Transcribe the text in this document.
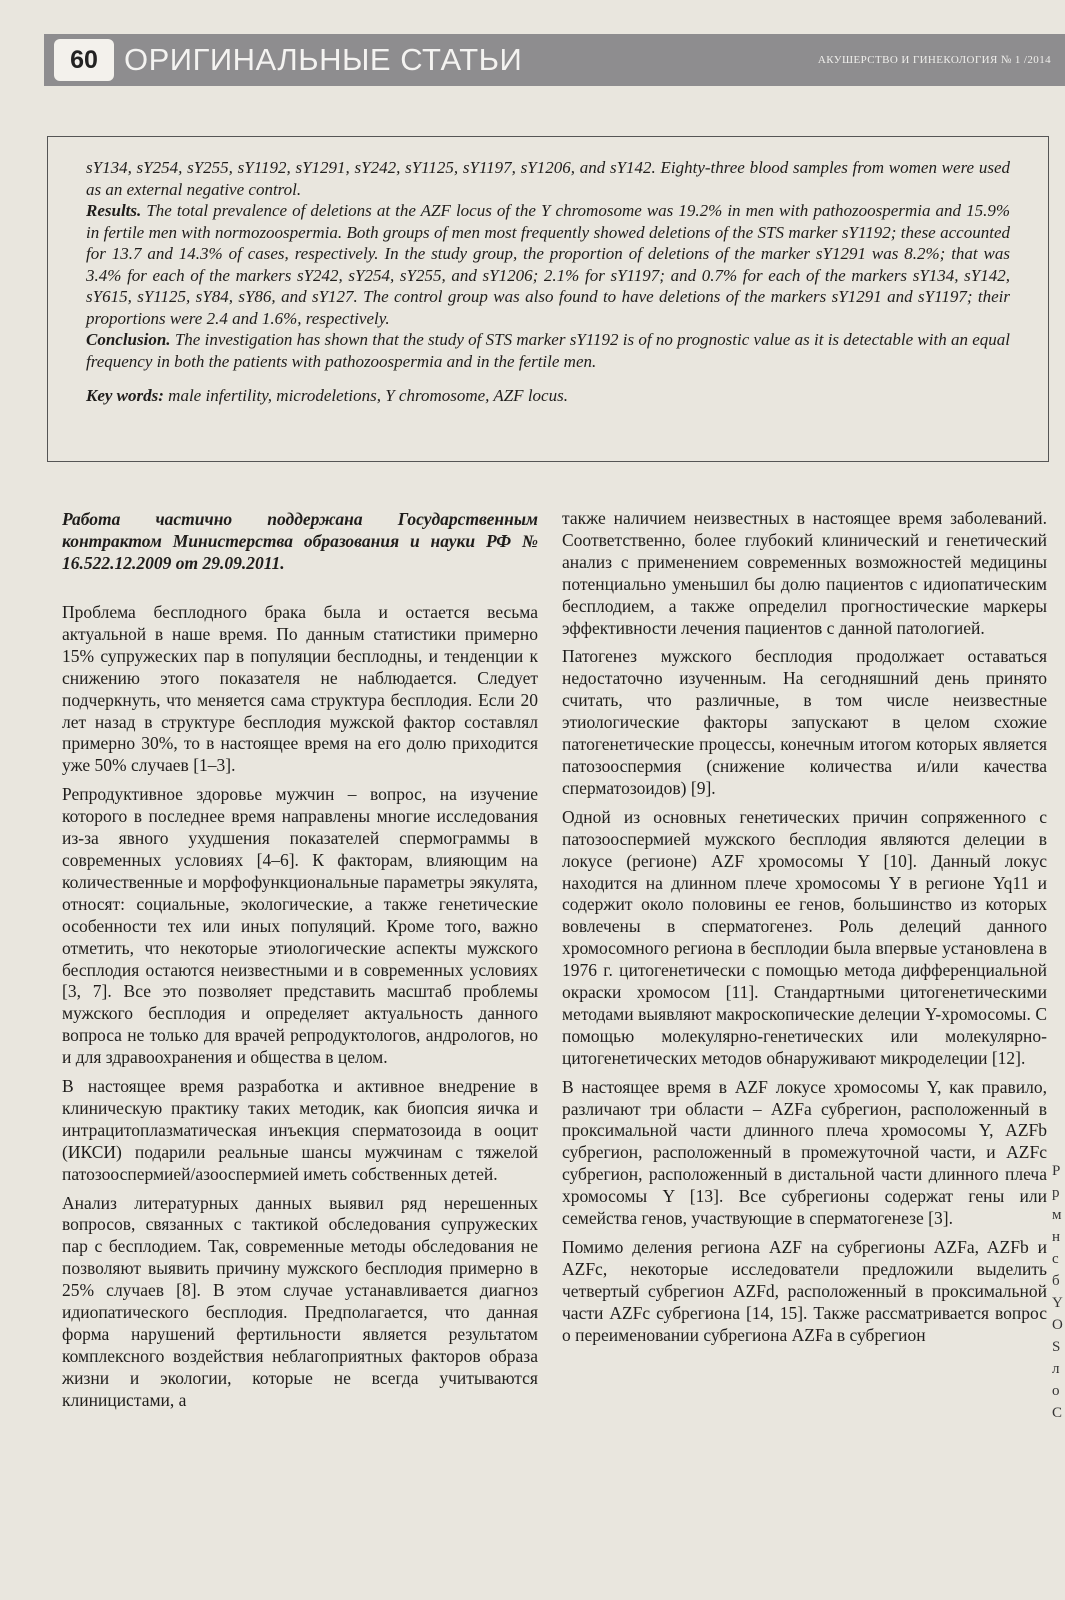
60 ОРИГИНАЛЬНЫЕ СТАТЬИ	АКУШЕРСТВО И ГИНЕКОЛОГИЯ № 1 /2014

sY134, sY254, sY255, sY1192, sY1291, sY242, sY1125, sY1197, sY1206, and sY142. Eighty-three blood samples from women were used as an external negative control.

Results. The total prevalence of deletions at the AZF locus of the Y chromosome was 19.2% in men with pathozoospermia and 15.9% in fertile men with normozoospermia. Both groups of men most frequently showed deletions of the STS marker sY1192; these accounted for 13.7 and 14.3% of cases, respectively. In the study group, the proportion of deletions of the marker sY1291 was 8.2%; that was 3.4% for each of the markers sY242, sY254, sY255, and sY1206; 2.1% for sY1197; and 0.7% for each of the markers sY134, sY142, sY615, sY1125, sY84, sY86, and sY127. The control group was also found to have deletions of the markers sY1291 and sY1197; their proportions were 2.4 and 1.6%, respectively.

Conclusion. The investigation has shown that the study of STS marker sY1192 is of no prognostic value as it is detectable with an equal frequency in both the patients with pathozoospermia and in the fertile men.

Key words: male infertility, microdeletions, Y chromosome, AZF locus.

Работа частично поддержана Государственным контрактом Министерства образования и науки РФ № 16.522.12.2009 от 29.09.2011.

Проблема бесплодного брака была и остается весьма актуальной в наше время. По данным статистики примерно 15% супружеских пар в популяции бесплодны, и тенденции к снижению этого показателя не наблюдается. Следует подчеркнуть, что меняется сама структура бесплодия. Если 20 лет назад в структуре бесплодия мужской фактор составлял примерно 30%, то в настоящее время на его долю приходится уже 50% случаев [1–3].

Репродуктивное здоровье мужчин – вопрос, на изучение которого в последнее время направлены многие исследования из-за явного ухудшения показателей спермограммы в современных условиях [4–6]. К факторам, влияющим на количественные и морфофункциональные параметры эякулята, относят: социальные, экологические, а также генетические особенности тех или иных популяций. Кроме того, важно отметить, что некоторые этиологические аспекты мужского бесплодия остаются неизвестными и в современных условиях [3, 7]. Все это позволяет представить масштаб проблемы мужского бесплодия и определяет актуальность данного вопроса не только для врачей репродуктологов, андрологов, но и для здравоохранения и общества в целом.

В настоящее время разработка и активное внедрение в клиническую практику таких методик, как биопсия яичка и интрацитоплазматическая инъекция сперматозоида в ооцит (ИКСИ) подарили реальные шансы мужчинам с тяжелой патозооспермией/азооспермией иметь собственных детей.

Анализ литературных данных выявил ряд нерешенных вопросов, связанных с тактикой обследования супружеских пар с бесплодием. Так, современные методы обследования не позволяют выявить причину мужского бесплодия примерно в 25% случаев [8]. В этом случае устанавливается диагноз идиопатического бесплодия. Предполагается, что данная форма нарушений фертильности является результатом комплексного воздействия неблагоприятных факторов образа жизни и экологии, которые не всегда учитываются клиницистами, а

также наличием неизвестных в настоящее время заболеваний. Соответственно, более глубокий клинический и генетический анализ с применением современных возможностей медицины потенциально уменьшил бы долю пациентов с идиопатическим бесплодием, а также определил прогностические маркеры эффективности лечения пациентов с данной патологией.

Патогенез мужского бесплодия продолжает оставаться недостаточно изученным. На сегодняшний день принято считать, что различные, в том числе неизвестные этиологические факторы запускают в целом схожие патогенетические процессы, конечным итогом которых является патозооспермия (снижение количества и/или качества сперматозоидов) [9].

Одной из основных генетических причин сопряженного с патозооспермией мужского бесплодия являются делеции в локусе (регионе) AZF хромосомы Y [10]. Данный локус находится на длинном плече хромосомы Y в регионе Yq11 и содержит около половины ее генов, большинство из которых вовлечены в сперматогенез. Роль делеций данного хромосомного региона в бесплодии была впервые установлена в 1976 г. цитогенетически с помощью метода дифференциальной окраски хромосом [11]. Стандартными цитогенетическими методами выявляют макроскопические делеции Y-хромосомы. С помощью молекулярно-генетических или молекулярно-цитогенетических методов обнаруживают микроделеции [12].

В настоящее время в AZF локусе хромосомы Y, как правило, различают три области – AZFa субрегион, расположенный в проксимальной части длинного плеча хромосомы Y, AZFb субрегион, расположенный в промежуточной части, и AZFc субрегион, расположенный в дистальной части длинного плеча хромосомы Y [13]. Все субрегионы содержат гены или семейства генов, участвующие в сперматогенезе [3].

Помимо деления региона AZF на субрегионы AZFa, AZFb и AZFc, некоторые исследователи предложили выделить четвертый субрегион AZFd, расположенный в проксимальной части AZFc субрегиона [14, 15]. Также рассматривается вопрос о переименовании субрегиона AZFa в субрегион

Р
р
м
н
с
б
Y
О
S
л
о
С
